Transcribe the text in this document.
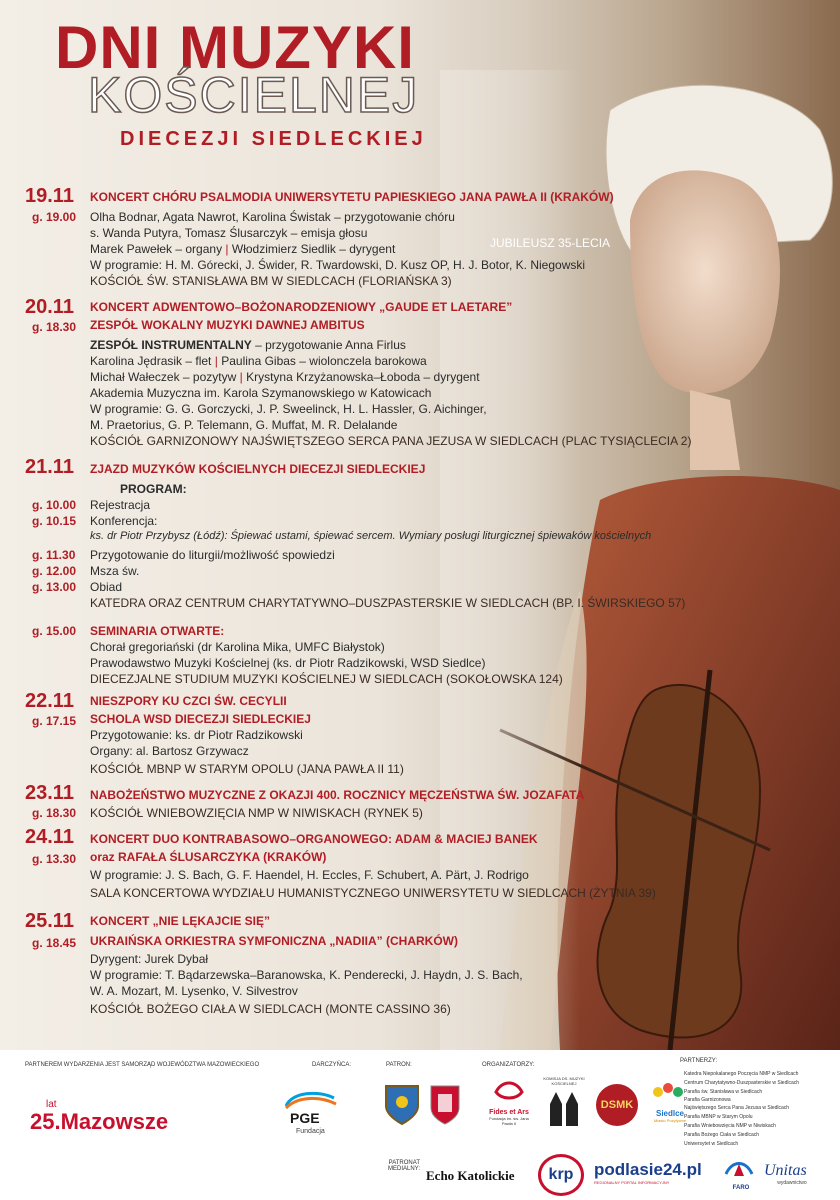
DNI MUZYKI
KOŚCIELNEJ
DIECEZJI SIEDLECKIEJ
JUBILEUSZ 35-LECIA
19.11
g. 19.00
KONCERT CHÓRU PSALMODIA UNIWERSYTETU PAPIESKIEGO JANA PAWŁA II (KRAKÓW)
Olha Bodnar, Agata Nawrot, Karolina Świstak – przygotowanie chóru
s. Wanda Putyra, Tomasz Ślusarczyk – emisja głosu
Marek Pawełek – organy | Włodzimierz Siedlik – dyrygent
W programie: H. M. Górecki, J. Świder, R. Twardowski, D. Kusz OP, H. J. Botor, K. Niegowski
KOŚCIÓŁ ŚW. STANISŁAWA BM W SIEDLCACH (FLORIAŃSKA 3)
20.11
g. 18.30
KONCERT ADWENTOWO–BOŻONARODZENIOWY „GAUDE ET LAETARE”
ZESPÓŁ WOKALNY MUZYKI DAWNEJ AMBITUS
ZESPÓŁ INSTRUMENTALNY – przygotowanie Anna Firlus
Karolina Jędrasik – flet | Paulina Gibas – wiolonczela barokowa
Michał Wałeczek – pozytyw | Krystyna Krzyżanowska–Łoboda – dyrygent
Akademia Muzyczna im. Karola Szymanowskiego w Katowicach
W programie: G. G. Gorczycki, J. P. Sweelinck, H. L. Hassler, G. Aichinger,
M. Praetorius, G. P. Telemann, G. Muffat, M. R. Delalande
KOŚCIÓŁ GARNIZONOWY NAJŚWIĘTSZEGO SERCA PANA JEZUSA W SIEDLCACH (PLAC TYSIĄCLECIA 2)
21.11 ZJAZD MUZYKÓW KOŚCIELNYCH DIECEZJI SIEDLECKIEJ
PROGRAM:
g. 10.00 Rejestracja
g. 10.15 Konferencja:
ks. dr Piotr Przybysz (Łódź): Śpiewać ustami, śpiewać sercem. Wymiary posługi liturgicznej śpiewaków kościelnych
g. 11.30 Przygotowanie do liturgii/możliwość spowiedzi
g. 12.00 Msza św.
g. 13.00 Obiad
KATEDRA ORAZ CENTRUM CHARYTATYWNO–DUSZPASTERSKIE W SIEDLCACH (BP. I. ŚWIRSKIEGO 57)
g. 15.00 SEMINARIA OTWARTE:
Chorał gregoriański (dr Karolina Mika, UMFC Białystok)
Prawodawstwo Muzyki Kościelnej (ks. dr Piotr Radzikowski, WSD Siedlce)
DIECEZJALNE STUDIUM MUZYKI KOŚCIELNEJ W SIEDLCACH (SOKOŁOWSKA 124)
22.11
g. 17.15
NIESZPORY KU CZCI ŚW. CECYLII
SCHOLA WSD DIECEZJI SIEDLECKIEJ
Przygotowanie: ks. dr Piotr Radzikowski
Organy: al. Bartosz Grzywacz
KOŚCIÓŁ MBNP W STARYM OPOLU (JANA PAWŁA II 11)
23.11
g. 18.30
NABOŻEŃSTWO MUZYCZNE Z OKAZJI 400. ROCZNICY MĘCZEŃSTWA ŚW. JOZAFATA
KOŚCIÓŁ WNIEBOWZIĘCIA NMP W NIWISKACH (RYNEK 5)
24.11
g. 13.30
KONCERT DUO KONTRABASOWO–ORGANOWEGO: ADAM & MACIEJ BANEK
oraz RAFAŁA ŚLUSARCZYKA (KRAKÓW)
W programie: J. S. Bach, G. F. Haendel, H. Eccles, F. Schubert, A. Pärt, J. Rodrigo
SALA KONCERTOWA WYDZIAŁU HUMANISTYCZNEGO UNIWERSYTETU W SIEDLCACH (ŻYTNIA 39)
25.11
g. 18.45
KONCERT „NIE LĘKAJCIE SIĘ”
UKRAIŃSKA ORKIESTRA SYMFONICZNA „NADIIA” (CHARKÓW)
Dyrygent: Jurek Dybał
W programie: T. Bądarzewska–Baranowska, K. Penderecki, J. Haydn, J. S. Bach,
W. A. Mozart, M. Lysenko, V. Silvestrov
KOŚCIÓŁ BOŻEGO CIAŁA W SIEDLCACH (MONTE CASSINO 36)
PARTNEREM WYDARZENIA JEST SAMORZĄD WOJEWÓDZTWA MAZOWIECKIEGO	DARCZYŃCA:	PATRON:	ORGANIZATORZY:
PARTNERZY:
lat
25.Mazowsze	PGE
Fundacja
Fides et Ars
Fundacja im. św. Jana Pawła II
KOMISJA DS. MUZYKI KOŚCIELNEJ
DSMK
Siedlce
Miasto Pozytywne
Katedra Niepokalanego Poczęcia NMP w Siedlcach
Centrum Charytatywno-Duszpasterskie w Siedlcach
Parafia św. Stanisława w Siedlcach
Parafia Garnizonowa
Najświętszego Serca Pana Jezusa w Siedlcach
Parafia MBNP w Starym Opolu
Parafia Wniebowzięcia NMP w Niwiskach
Parafia Bożego Ciała w Siedlcach
Uniwersytet w Siedlcach
PATRONAT MEDIALNY: Echo Katolickie	krp	podlasie24.pl
REGIONALNY PORTAL INFORMACYJNY
FARO
Unitas
wydawnictwo
